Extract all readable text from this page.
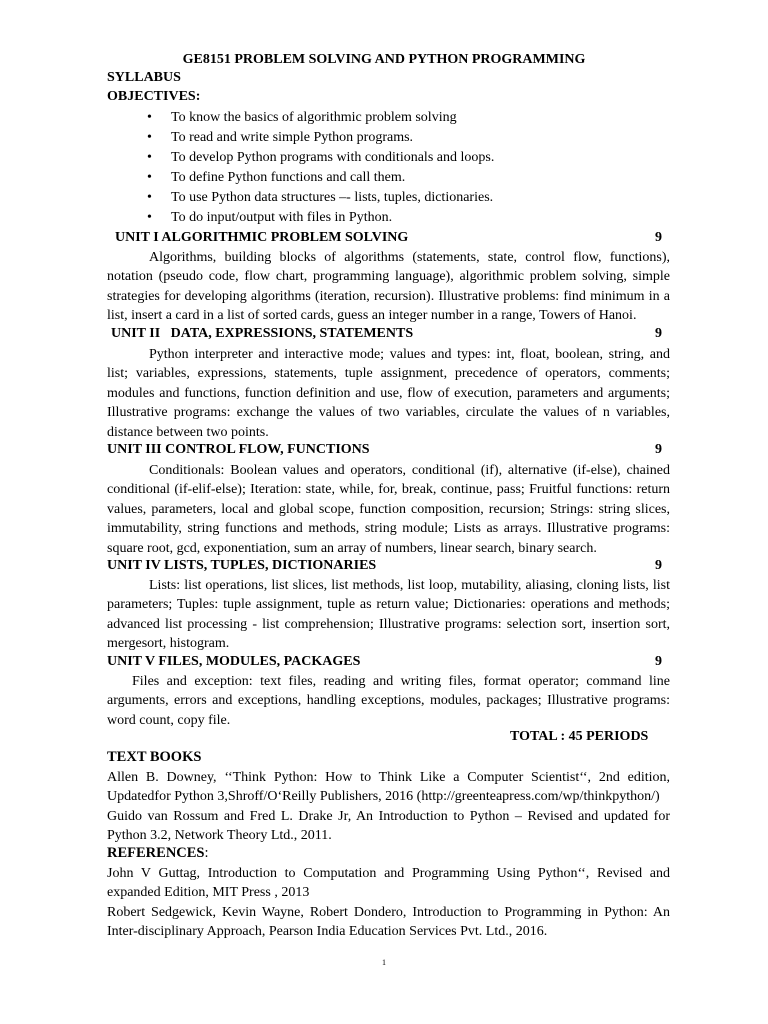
GE8151 PROBLEM SOLVING AND PYTHON PROGRAMMING
SYLLABUS
OBJECTIVES:
• To know the basics of algorithmic problem solving
• To read and write simple Python programs.
• To develop Python programs with conditionals and loops.
• To define Python functions and call them.
• To use Python data structures –- lists, tuples, dictionaries.
• To do input/output with files in Python.
UNIT I ALGORITHMIC PROBLEM SOLVING	9
Algorithms, building blocks of algorithms (statements, state, control flow, functions),
notation (pseudo code, flow chart, programming language), algorithmic problem solving, simple
strategies for developing algorithms (iteration, recursion). Illustrative problems: find minimum in a
list, insert a card in a list of sorted cards, guess an integer number in a range, Towers of Hanoi.
UNIT II   DATA, EXPRESSIONS, STATEMENTS	9
Python interpreter and interactive mode; values and types: int, float, boolean, string, and
list; variables, expressions, statements, tuple assignment, precedence of operators, comments;
modules and functions, function definition and use, flow of execution, parameters and arguments;
Illustrative programs: exchange the values of two variables, circulate the values of n variables,
distance between two points.
UNIT III CONTROL FLOW, FUNCTIONS	9
Conditionals: Boolean values and operators, conditional (if), alternative (if-else), chained
conditional (if-elif-else); Iteration: state, while, for, break, continue, pass; Fruitful functions: return
values, parameters, local and global scope, function composition, recursion; Strings: string slices,
immutability, string functions and methods, string module; Lists as arrays. Illustrative programs:
square root, gcd, exponentiation, sum an array of numbers, linear search, binary search.
UNIT IV LISTS, TUPLES, DICTIONARIES	9
Lists: list operations, list slices, list methods, list loop, mutability, aliasing, cloning lists, list
parameters; Tuples: tuple assignment, tuple as return value; Dictionaries: operations and methods;
advanced list processing - list comprehension; Illustrative programs: selection sort, insertion sort,
mergesort, histogram.
UNIT V FILES, MODULES, PACKAGES	9
Files and exception: text files, reading and writing files, format operator; command line
arguments, errors and exceptions, handling exceptions, modules, packages; Illustrative programs:
word count, copy file.
TOTAL : 45 PERIODS
TEXT BOOKS
Allen B. Downey, ‘‘Think Python: How to Think Like a Computer Scientist‘‘, 2nd edition,
Updatedfor Python 3,Shroff/O‘Reilly Publishers, 2016 (http://greenteapress.com/wp/thinkpython/)
Guido van Rossum and Fred L. Drake Jr, An Introduction to Python – Revised and updated for
Python 3.2, Network Theory Ltd., 2011.
REFERENCES:
John V Guttag, Introduction to Computation and Programming Using Python‘‘, Revised and
expanded Edition, MIT Press , 2013
Robert Sedgewick, Kevin Wayne, Robert Dondero, Introduction to Programming in Python: An
Inter-disciplinary Approach, Pearson India Education Services Pvt. Ltd., 2016.
1
